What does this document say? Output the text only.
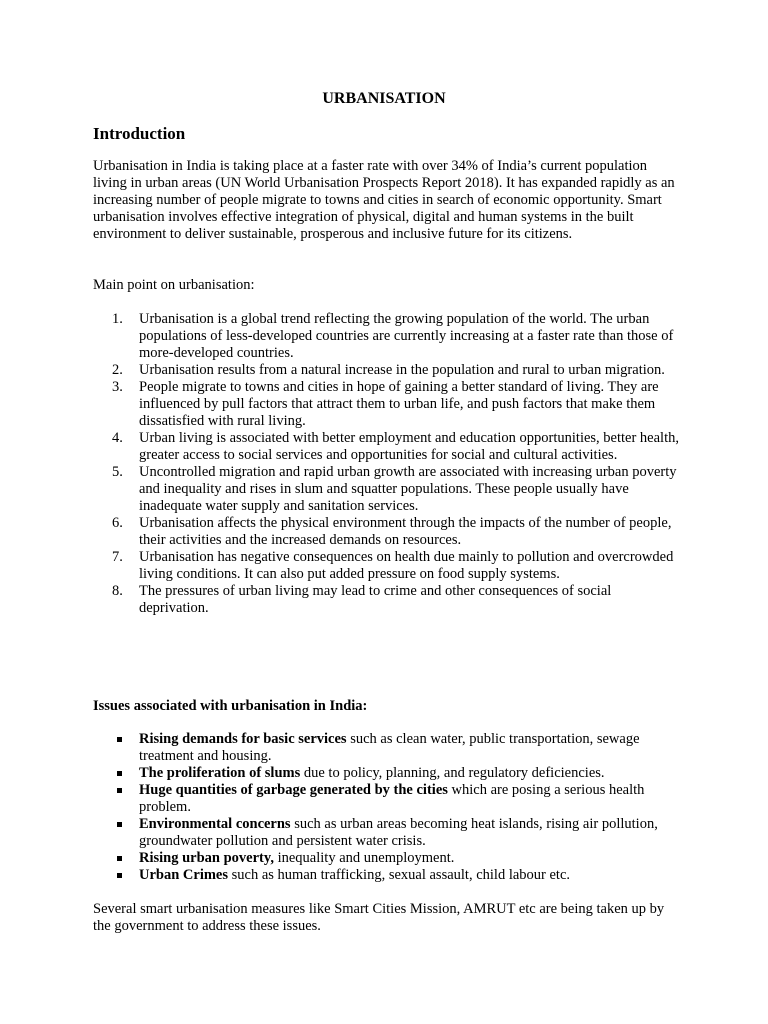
URBANISATION
Introduction
Urbanisation in India is taking place at a faster rate with over 34% of India’s current population living in urban areas (UN World Urbanisation Prospects Report 2018). It has expanded rapidly as an increasing number of people migrate to towns and cities in search of economic opportunity. Smart urbanisation involves effective integration of physical, digital and human systems in the built environment to deliver sustainable, prosperous and inclusive future for its citizens.
Main point on urbanisation:
1. Urbanisation is a global trend reflecting the growing population of the world. The urban populations of less-developed countries are currently increasing at a faster rate than those of more-developed countries.
2. Urbanisation results from a natural increase in the population and rural to urban migration.
3. People migrate to towns and cities in hope of gaining a better standard of living. They are influenced by pull factors that attract them to urban life, and push factors that make them dissatisfied with rural living.
4. Urban living is associated with better employment and education opportunities, better health, greater access to social services and opportunities for social and cultural activities.
5. Uncontrolled migration and rapid urban growth are associated with increasing urban poverty and inequality and rises in slum and squatter populations. These people usually have inadequate water supply and sanitation services.
6. Urbanisation affects the physical environment through the impacts of the number of people, their activities and the increased demands on resources.
7. Urbanisation has negative consequences on health due mainly to pollution and overcrowded living conditions. It can also put added pressure on food supply systems.
8. The pressures of urban living may lead to crime and other consequences of social deprivation.
Issues associated with urbanisation in India:
Rising demands for basic services such as clean water, public transportation, sewage treatment and housing.
The proliferation of slums due to policy, planning, and regulatory deficiencies.
Huge quantities of garbage generated by the cities which are posing a serious health problem.
Environmental concerns such as urban areas becoming heat islands, rising air pollution, groundwater pollution and persistent water crisis.
Rising urban poverty, inequality and unemployment.
Urban Crimes such as human trafficking, sexual assault, child labour etc.
Several smart urbanisation measures like Smart Cities Mission, AMRUT etc are being taken up by the government to address these issues.
